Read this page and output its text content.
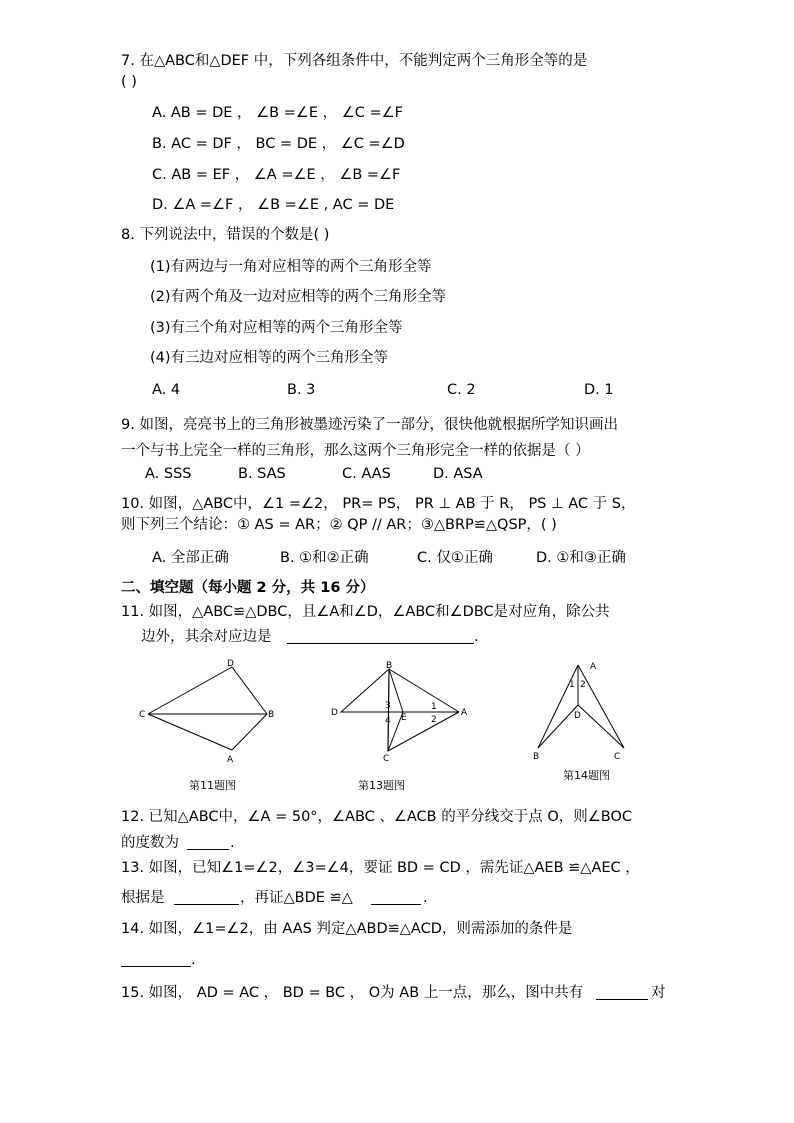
7. 在△ABC和△DEF 中，下列各组条件中，不能判定两个三角形全等的是
( )
A. AB = DE ， ∠B =∠E ， ∠C =∠F
B. AC = DF ， BC = DE ， ∠C =∠D
C. AB = EF ， ∠A =∠E ， ∠B =∠F
D. ∠A =∠F ， ∠B =∠E , AC = DE
8. 下列说法中，错误的个数是( )
(1)有两边与一角对应相等的两个三角形全等
(2)有两个角及一边对应相等的两个三角形全等
(3)有三个角对应相等的两个三角形全等
(4)有三边对应相等的两个三角形全等
A. 4	B. 3	C. 2	D. 1
9. 如图，亮亮书上的三角形被墨迹污染了一部分，很快他就根据所学知识画出
一个与书上完全一样的三角形，那么这两个三角形完全一样的依据是（ ）
A. SSS	B. SAS	C. AAS	D. ASA
10. 如图，△ABC中，∠1 =∠2， PR= PS， PR ⊥ AB 于 R， PS ⊥ AC 于 S，
则下列三个结论：① AS = AR；② QP // AR；③△BRP≌△QSP，( )
A. 全部正确	B. ①和②正确	C. 仅①正确	D. ①和③正确
二、填空题（每小题 2 分，共 16 分）
11. 如图，△ABC≌△DBC，且∠A和∠D，∠ABC和∠DBC是对应角，除公共
边外，其余对应边是	.
D
C	B
A
第11题图
B
D	E	A
C
3
4
1
2
第13题图
A
1 2
D
B	C
第14题图
12. 已知△ABC中，∠A = 50°，∠ABC 、∠ACB 的平分线交于点 O，则∠BOC
的度数为	.
13. 如图，已知∠1=∠2，∠3=∠4，要证 BD = CD ，需先证△AEB ≌△AEC ，
根据是	，再证△BDE ≌△	.
14. 如图，∠1=∠2，由 AAS 判定△ABD≌△ACD，则需添加的条件是
.
15. 如图， AD = AC ， BD = BC ， O为 AB 上一点，那么，图中共有	对
